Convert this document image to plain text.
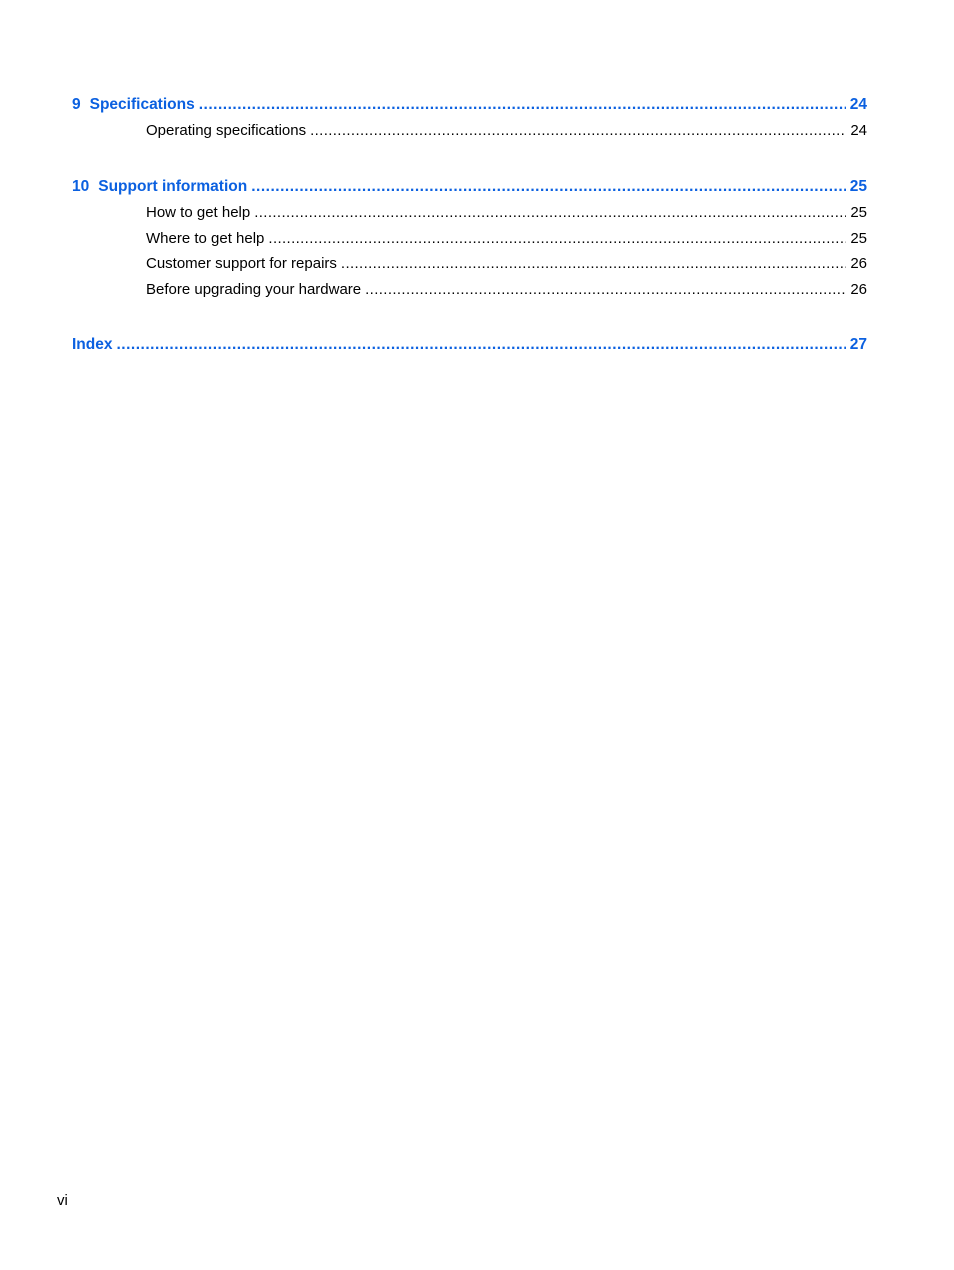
9 Specifications . . .	24
Operating specifications . . .	24
10 Support information . . .	25
How to get help . . .	25
Where to get help . . .	25
Customer support for repairs . . .	26
Before upgrading your hardware . . .	26
Index . . .	27
vi
